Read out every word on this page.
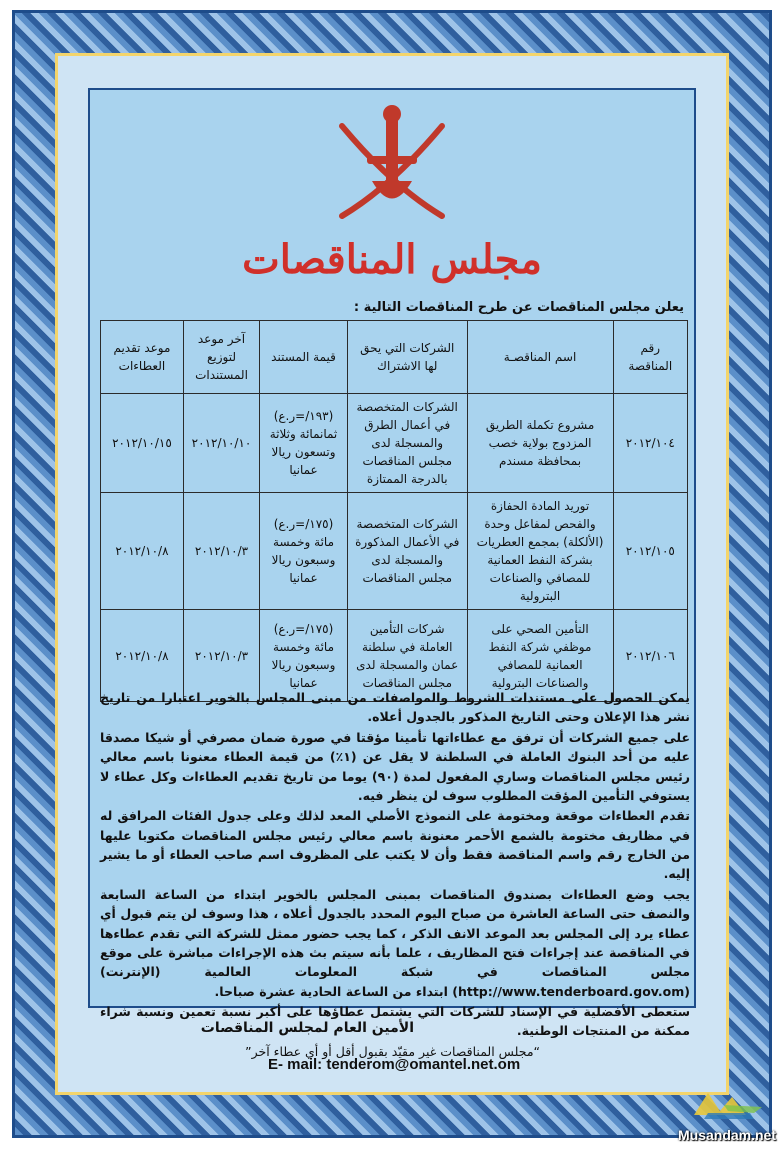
مجلس المناقصات
يعلن مجلس المناقصات عن طرح المناقصات التالية :
رقم المناقصة	اسم المناقصـة	الشركات التي يحق لها الاشتراك	قيمة المستند	آخر موعد لتوزيع المستندات	موعد تقديم العطاءات
٢٠١٢/١٠٤	مشروع تكملة الطريق المزدوج بولاية خصب بمحافظة مسندم	الشركات المتخصصة في أعمال الطرق والمسجلة لدى مجلس المناقصات بالدرجة الممتازة	(١٩٣/=ر.ع) ثمانمائة وثلاثة وتسعون ريالا عمانيا	٢٠١٢/١٠/١٠	٢٠١٢/١٠/١٥
٢٠١٢/١٠٥	توريد المادة الحفازة والفحص لمفاعل وحدة (الألكلة) بمجمع العطريات بشركة النفط العمانية للمصافي والصناعات البترولية	الشركات المتخصصة في الأعمال المذكورة والمسجلة لدى مجلس المناقصات	(١٧٥/=ر.ع) مائة وخمسة وسبعون ريالا عمانيا	٢٠١٢/١٠/٣	٢٠١٢/١٠/٨
٢٠١٢/١٠٦	التأمين الصحي على موظفي شركة النفط العمانية للمصافي والصناعات البترولية	شركات التأمين العاملة في سلطنة عمان والمسجلة لدى مجلس المناقصات	(١٧٥/=ر.ع) مائة وخمسة وسبعون ريالا عمانيا	٢٠١٢/١٠/٣	٢٠١٢/١٠/٨

يمكن الحصول على مستندات الشروط والمواصفات من مبنى المجلس بالخوير اعتبارا من تاريخ نشر هذا الإعلان وحتى التاريخ المذكور بالجدول أعلاه.

على جميع الشركات أن ترفق مع عطاءاتها تأمينا مؤقتا في صورة ضمان مصرفي أو شيكا مصدقا عليه من أحد البنوك العاملة في السلطنة لا يقل عن (١٪) من قيمة العطاء معنونا باسم معالي رئيس مجلس المناقصات وساري المفعول لمدة (٩٠) يوما من تاريخ تقديم العطاءات وكل عطاء لا يستوفي التأمين المؤقت المطلوب سوف لن ينظر فيه.

تقدم العطاءات موقعة ومختومة على النموذج الأصلي المعد لذلك وعلى جدول الفئات المرافق له في مظاريف مختومة بالشمع الأحمر معنونة باسم معالي رئيس مجلس المناقصات مكتوبا عليها من الخارج رقم واسم المناقصة فقط وأن لا يكتب على المظروف اسم صاحب العطاء أو ما يشير إليه.

يجب وضع العطاءات بصندوق المناقصات بمبنى المجلس بالخوير ابتداء من الساعة السابعة والنصف حتى الساعة العاشرة من صباح اليوم المحدد بالجدول أعلاه ، هذا وسوف لن يتم قبول أي عطاء يرد إلى المجلس بعد الموعد الانف الذكر ، كما يجب حضور ممثل للشركة التي تقدم عطاءها في المناقصة عند إجراءات فتح المظاريف ، علما بأنه سيتم بث هذه الإجراءات مباشرة على موقع مجلس المناقصات في شبكة المعلومات العالمية (الإنترنت) (http://www.tenderboard.gov.om) ابتداء من الساعة الحادية عشرة صباحا.

ستعطى الأفضلية في الإسناد للشركات التي يشتمل عطاؤها على أكبر نسبة تعمين ونسبة شراء ممكنة من المنتجات الوطنية.

“مجلس المناقصات غير مقيّد بقبول أقل أو أي عطاء آخر”

الأمين العام لمجلس المناقصات
E- mail: tenderom@omantel.net.om
Musandam.net
